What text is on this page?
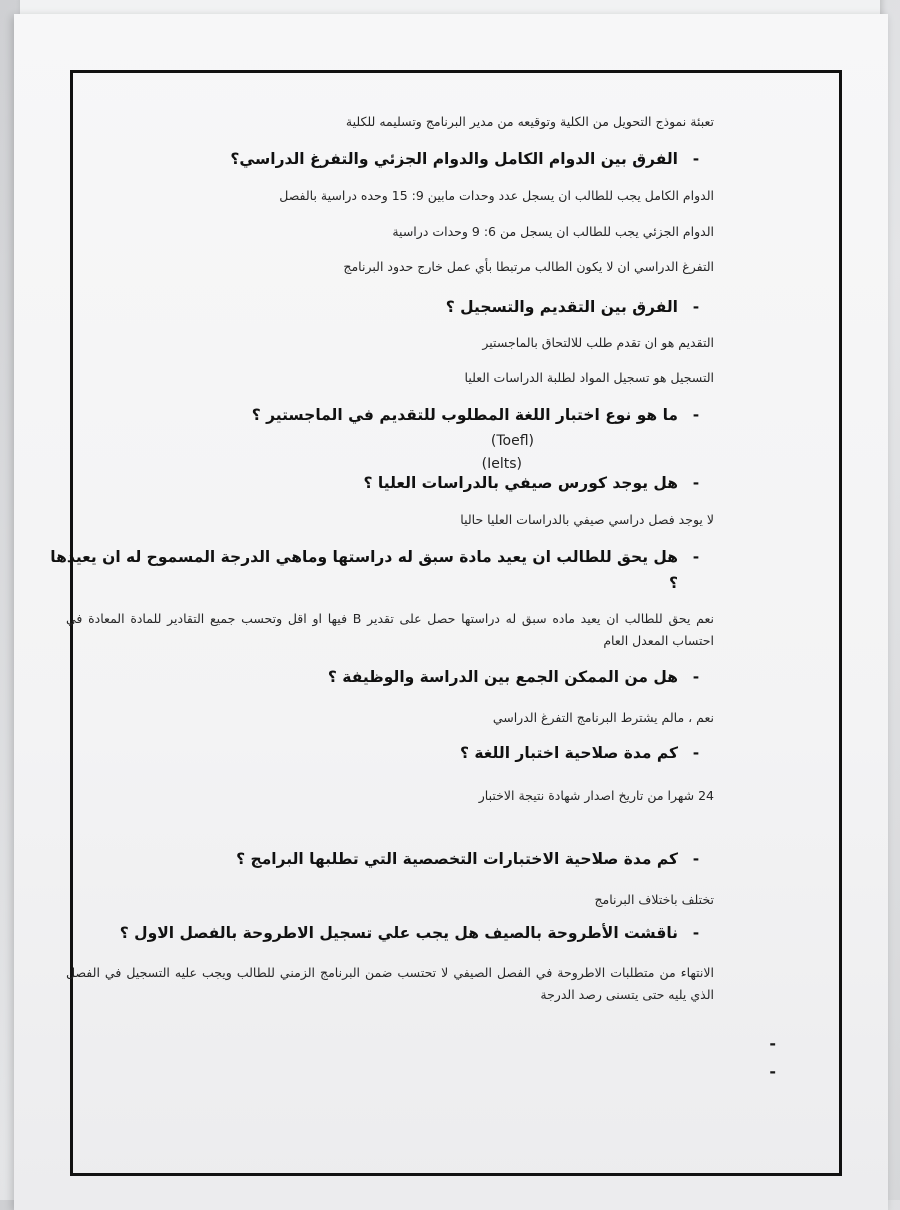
تعبئة نموذج التحويل من الكلية وتوقيعه من مدير البرنامج وتسليمه للكلية
-الفرق بين الدوام الكامل والدوام الجزئي والتفرغ الدراسي؟
الدوام الكامل يجب للطالب ان يسجل عدد وحدات مابين 9: 15 وحده دراسية بالفصل
الدوام الجزئي يجب للطالب ان يسجل من 6: 9 وحدات دراسية
التفرغ الدراسي ان لا يكون الطالب مرتبطا بأي عمل خارج حدود البرنامج
-الفرق بين التقديم والتسجيل ؟
التقديم هو ان تقدم طلب للالتحاق بالماجستير
التسجيل هو تسجيل المواد لطلبة الدراسات العليا
-ما هو نوع اختبار اللغة المطلوب للتقديم في الماجستير ؟
(Toefl)
(Ielts)
-هل يوجد كورس صيفي بالدراسات العليا ؟
لا يوجد فصل دراسي صيفي بالدراسات العليا حاليا
-هل يحق للطالب ان يعيد مادة سبق له دراستها وماهي الدرجة المسموح له ان يعيدها
؟
نعم يحق للطالب ان يعيد ماده سبق له دراستها حصل على تقدير B فيها او اقل وتحسب جميع التقادير للمادة المعادة في احتساب المعدل العام
-هل من الممكن الجمع بين الدراسة والوظيفة ؟
نعم ، مالم يشترط البرنامج التفرغ الدراسي
-كم مدة صلاحية اختبار اللغة ؟
24 شهرا من تاريخ اصدار شهادة نتيجة الاختبار
-كم مدة صلاحية الاختبارات التخصصية التي تطلبها البرامج ؟
تختلف باختلاف البرنامج
-ناقشت الأطروحة بالصيف هل يجب علي تسجيل الاطروحة بالفصل الاول ؟
الانتهاء من متطلبات الاطروحة في الفصل الصيفي لا تحتسب ضمن البرنامج الزمني للطالب ويجب عليه التسجيل في الفصل الذي يليه حتى يتسنى رصد الدرجة
-
-
